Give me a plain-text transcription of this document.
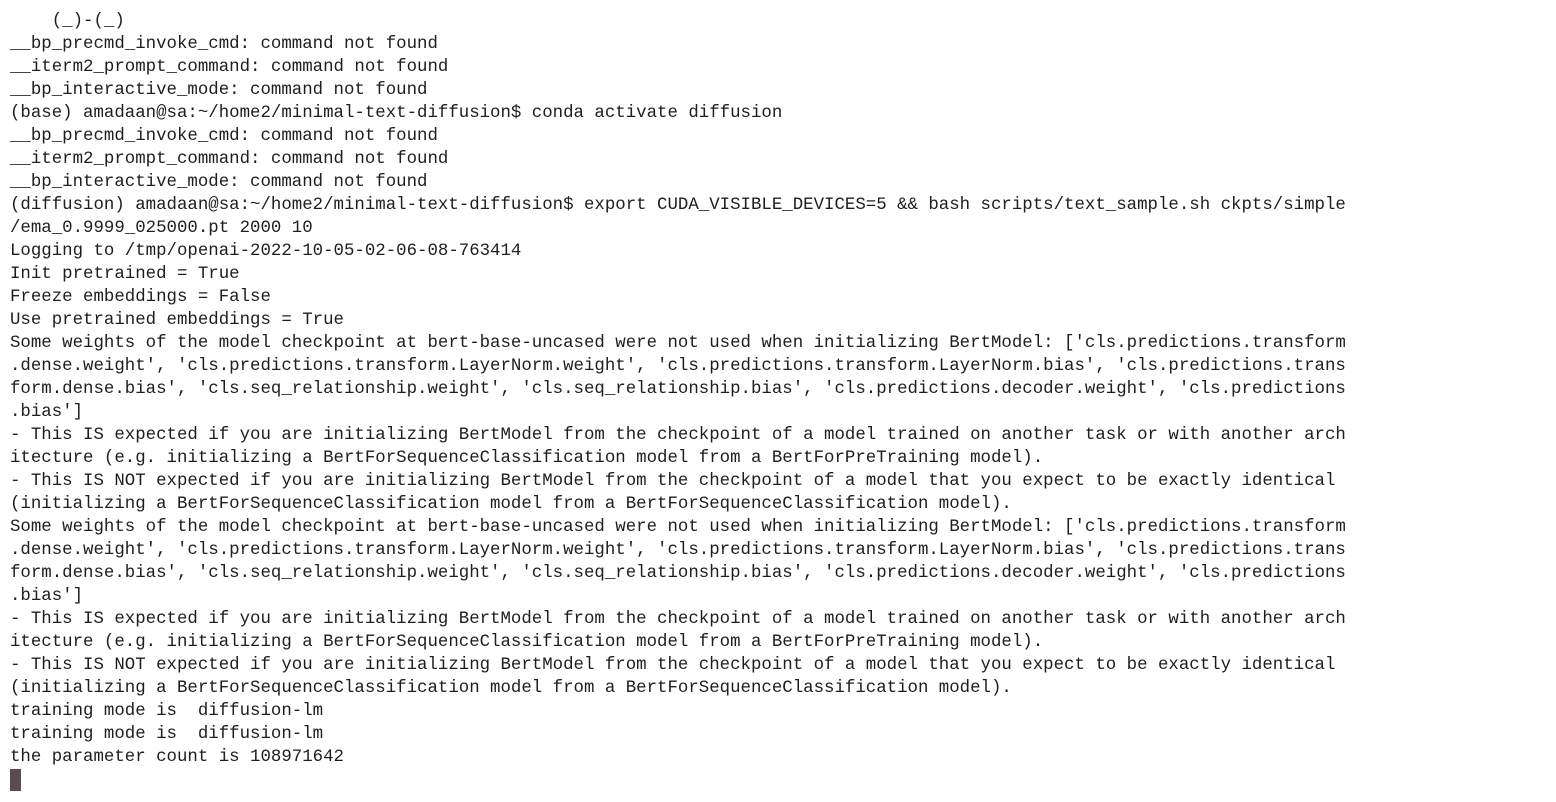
(_)-(_)
__bp_precmd_invoke_cmd: command not found
__iterm2_prompt_command: command not found
__bp_interactive_mode: command not found
(base) amadaan@sa:~/home2/minimal-text-diffusion$ conda activate diffusion
__bp_precmd_invoke_cmd: command not found
__iterm2_prompt_command: command not found
__bp_interactive_mode: command not found
(diffusion) amadaan@sa:~/home2/minimal-text-diffusion$ export CUDA_VISIBLE_DEVICES=5 && bash scripts/text_sample.sh ckpts/simple
/ema_0.9999_025000.pt 2000 10
Logging to /tmp/openai-2022-10-05-02-06-08-763414
Init pretrained = True
Freeze embeddings = False
Use pretrained embeddings = True
Some weights of the model checkpoint at bert-base-uncased were not used when initializing BertModel: ['cls.predictions.transform
.dense.weight', 'cls.predictions.transform.LayerNorm.weight', 'cls.predictions.transform.LayerNorm.bias', 'cls.predictions.trans
form.dense.bias', 'cls.seq_relationship.weight', 'cls.seq_relationship.bias', 'cls.predictions.decoder.weight', 'cls.predictions
.bias']
- This IS expected if you are initializing BertModel from the checkpoint of a model trained on another task or with another arch
itecture (e.g. initializing a BertForSequenceClassification model from a BertForPreTraining model).
- This IS NOT expected if you are initializing BertModel from the checkpoint of a model that you expect to be exactly identical
(initializing a BertForSequenceClassification model from a BertForSequenceClassification model).
Some weights of the model checkpoint at bert-base-uncased were not used when initializing BertModel: ['cls.predictions.transform
.dense.weight', 'cls.predictions.transform.LayerNorm.weight', 'cls.predictions.transform.LayerNorm.bias', 'cls.predictions.trans
form.dense.bias', 'cls.seq_relationship.weight', 'cls.seq_relationship.bias', 'cls.predictions.decoder.weight', 'cls.predictions
.bias']
- This IS expected if you are initializing BertModel from the checkpoint of a model trained on another task or with another arch
itecture (e.g. initializing a BertForSequenceClassification model from a BertForPreTraining model).
- This IS NOT expected if you are initializing BertModel from the checkpoint of a model that you expect to be exactly identical
(initializing a BertForSequenceClassification model from a BertForSequenceClassification model).
training mode is  diffusion-lm
training mode is  diffusion-lm
the parameter count is 108971642
